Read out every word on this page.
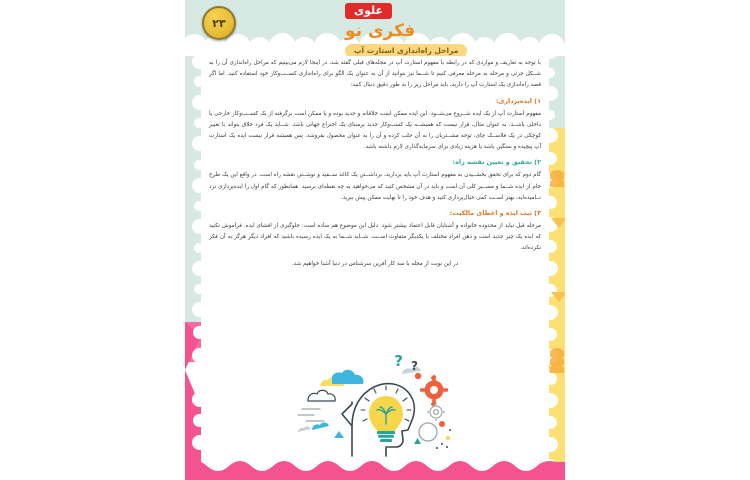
۲۳
علوی
فکری نو
مراحل راه‌اندازی استارت آپ

با توجه به تعاریف و مواردی که در رابطه با مفهوم استارت آپ در مجله‌های قبلی گفته شد، در اینجا لازم می‌بینیم که مراحل راه‌اندازی آن را به شــکل جزئی و مرحله به مرحله معرفی کنیم تا شــما نیز بتوانید از آن به عنوان یک الگو برای راه‌اندازی کســب‌وکار خود استفاده کنید. اما اگر قصد راه‌اندازی یک استارت آپ را دارید، باید مراحل زیر را به طور دقیق دنبال کنید:

۱) ایده‌پردازی:

مفهوم استارت آپ از یک ایده شــروع می‌شــود. این ایده ممکن است خلاقانه و جدید بوده و یا ممکن است برگرفته از یک کســب‌وکار خارجی یا داخلی باشــد. به عنوان مثال، قرار نیست که همیشــه یک کسب‌وکار جدید برمبنای یک اختراع جهانی باشد. شــاید یک فرد خلاق بتواند با تغییر کوچکی در یک فلاســک چای، توجه مشــتریان را به آن جلب کرده و آن را به عنوان محصول بفروشد. پس همیشه قرار نیست ایده یک استارت آپ پیچیده و سنگین باشد یا هزینه زیادی برای سرمایه‌گذاری لازم داشته باشد.

۲) تحقیق و تعیین نقشه راه:

گام دوم که برای تحقق بخشــیدن به مفهوم استارت آپ باید بردارید، برداشــتن یک کاغذ ســفید و نوشــتن نقشه راه است. در واقع این یک طرح خام از ایده شــما و مســیر کلی آن است و باید در آن مشخص کنید که می‌خواهید به چه نقطه‌ای برسید. همانطور که گام اول را ایده‌پردازی نزد نــامیده‌اید، بهتر اســت کمی خیال‌پردازی کنید و هدف خود را تا نهایت ممکن پیش ببرید.

۳) ثبت ایده و اعطای مالکیت:

مرحله قبل نباید از محدوده خانواده و آشنایان قابل اعتماد بیشتر شود. دلیل این موضوع هم ساده است: جلوگیری از افشای ایده. فراموش نکنید که ایده یک چیز جدید است و ذهن افراد مختلف با یکدیگر متفاوت اســت. شــاید شــما به یک ایده رسیده باشید که افراد دیگر هرگز به آن فکر نکرده‌اند.

در این نوبت از مجله با سه کار آفرین سرشناس در دنیا آشنا خواهیم شد.

? ?
